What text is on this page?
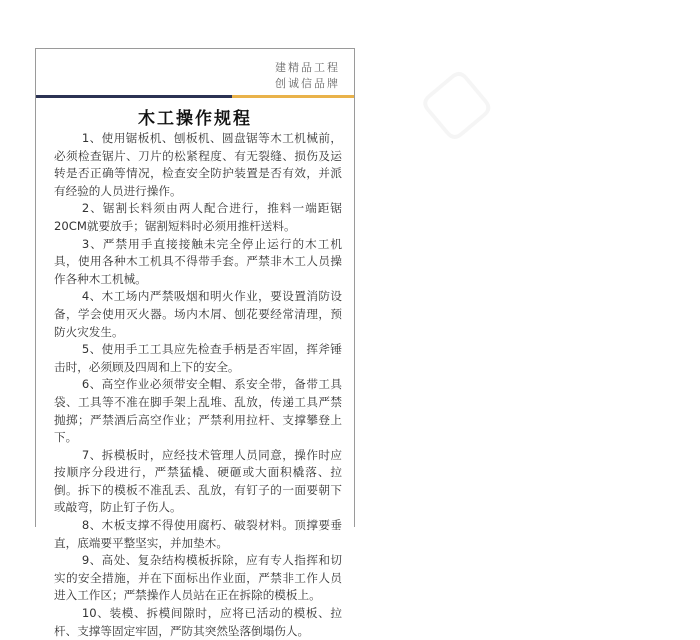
建精品工程
创诚信品牌
木工操作规程

1、使用锯板机、刨板机、圆盘锯等木工机械前，必须检查锯片、刀片的松紧程度、有无裂缝、损伤及运转是否正确等情况，检查安全防护装置是否有效，并派有经验的人员进行操作。

2、锯割长料须由两人配合进行，推料一端距锯20CM就要放手；锯割短料时必须用推杆送料。

3、严禁用手直接接触未完全停止运行的木工机具，使用各种木工机具不得带手套。严禁非木工人员操作各种木工机械。

4、木工场内严禁吸烟和明火作业，要设置消防设备，学会使用灭火器。场内木屑、刨花要经常清理，预防火灾发生。

5、使用手工工具应先检查手柄是否牢固，挥斧锤击时，必须顾及四周和上下的安全。

6、高空作业必须带安全帽、系安全带，备带工具袋、工具等不准在脚手架上乱堆、乱放，传递工具严禁抛掷；严禁酒后高空作业；严禁利用拉杆、支撑攀登上下。

7、拆模板时，应经技术管理人员同意，操作时应按顺序分段进行，严禁猛橇、硬砸或大面积橇落、拉倒。拆下的模板不准乱丢、乱放，有钉子的一面要朝下或敲弯，防止钉子伤人。

8、木板支撑不得使用腐朽、破裂材料。顶撑要垂直，底端要平整坚实，并加垫木。

9、高处、复杂结构模板拆除，应有专人指挥和切实的安全措施，并在下面标出作业面，严禁非工作人员进入工作区；严禁操作人员站在正在拆除的模板上。

10、装模、拆模间隙时，应将已活动的模板、拉杆、支撑等固定牢固，严防其突然坠落倒塌伤人。
